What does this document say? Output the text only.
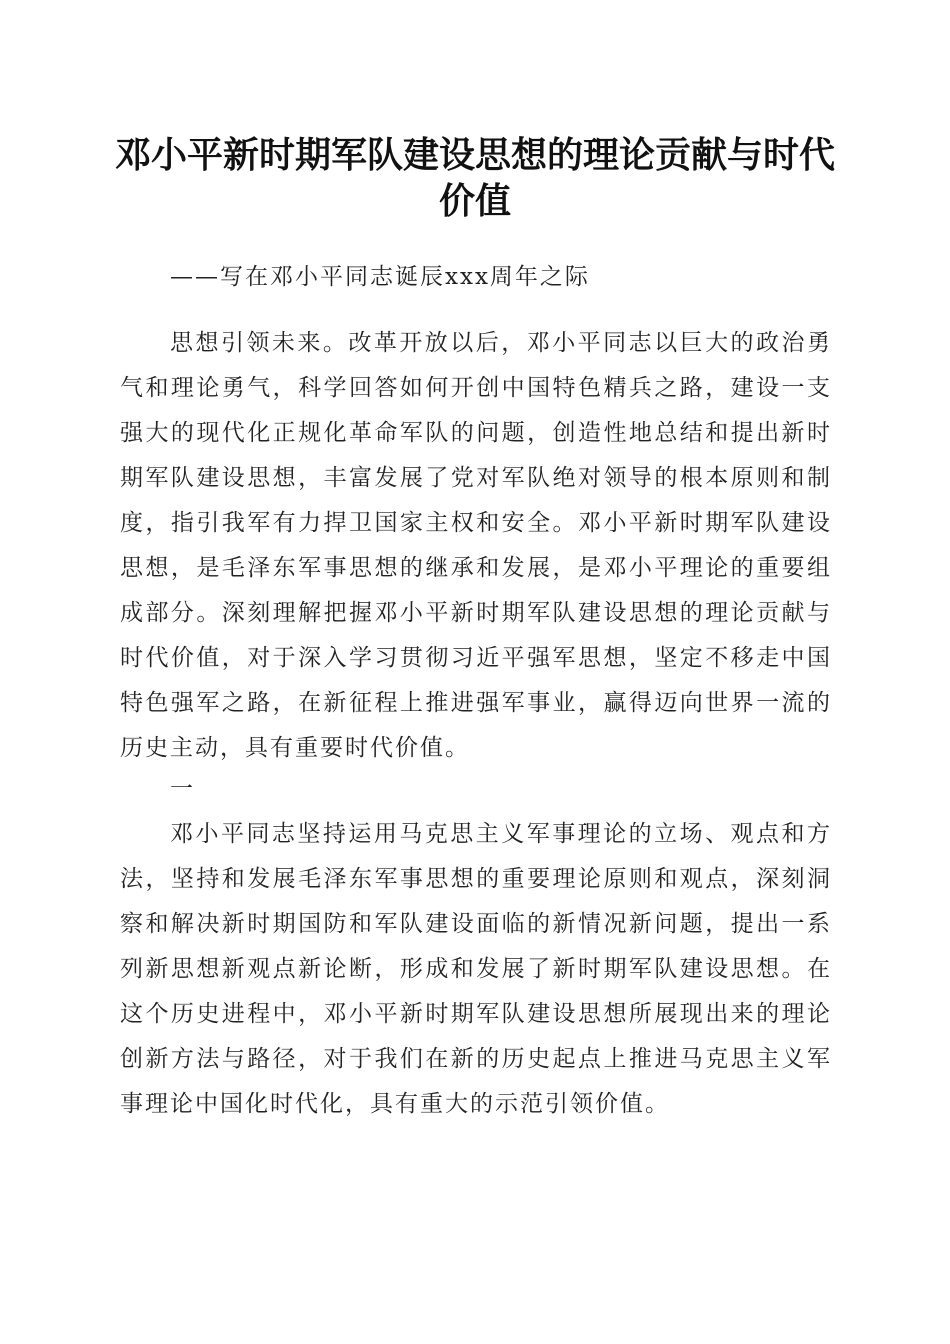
邓小平新时期军队建设思想的理论贡献与时代价值

——写在邓小平同志诞辰xxx周年之际

思想引领未来。改革开放以后，邓小平同志以巨大的政治勇气和理论勇气，科学回答如何开创中国特色精兵之路，建设一支强大的现代化正规化革命军队的问题，创造性地总结和提出新时期军队建设思想，丰富发展了党对军队绝对领导的根本原则和制度，指引我军有力捍卫国家主权和安全。邓小平新时期军队建设思想，是毛泽东军事思想的继承和发展，是邓小平理论的重要组成部分。深刻理解把握邓小平新时期军队建设思想的理论贡献与时代价值，对于深入学习贯彻习近平强军思想，坚定不移走中国特色强军之路，在新征程上推进强军事业，赢得迈向世界一流的历史主动，具有重要时代价值。

一

邓小平同志坚持运用马克思主义军事理论的立场、观点和方法，坚持和发展毛泽东军事思想的重要理论原则和观点，深刻洞察和解决新时期国防和军队建设面临的新情况新问题，提出一系列新思想新观点新论断，形成和发展了新时期军队建设思想。在这个历史进程中，邓小平新时期军队建设思想所展现出来的理论创新方法与路径，对于我们在新的历史起点上推进马克思主义军事理论中国化时代化，具有重大的示范引领价值。
